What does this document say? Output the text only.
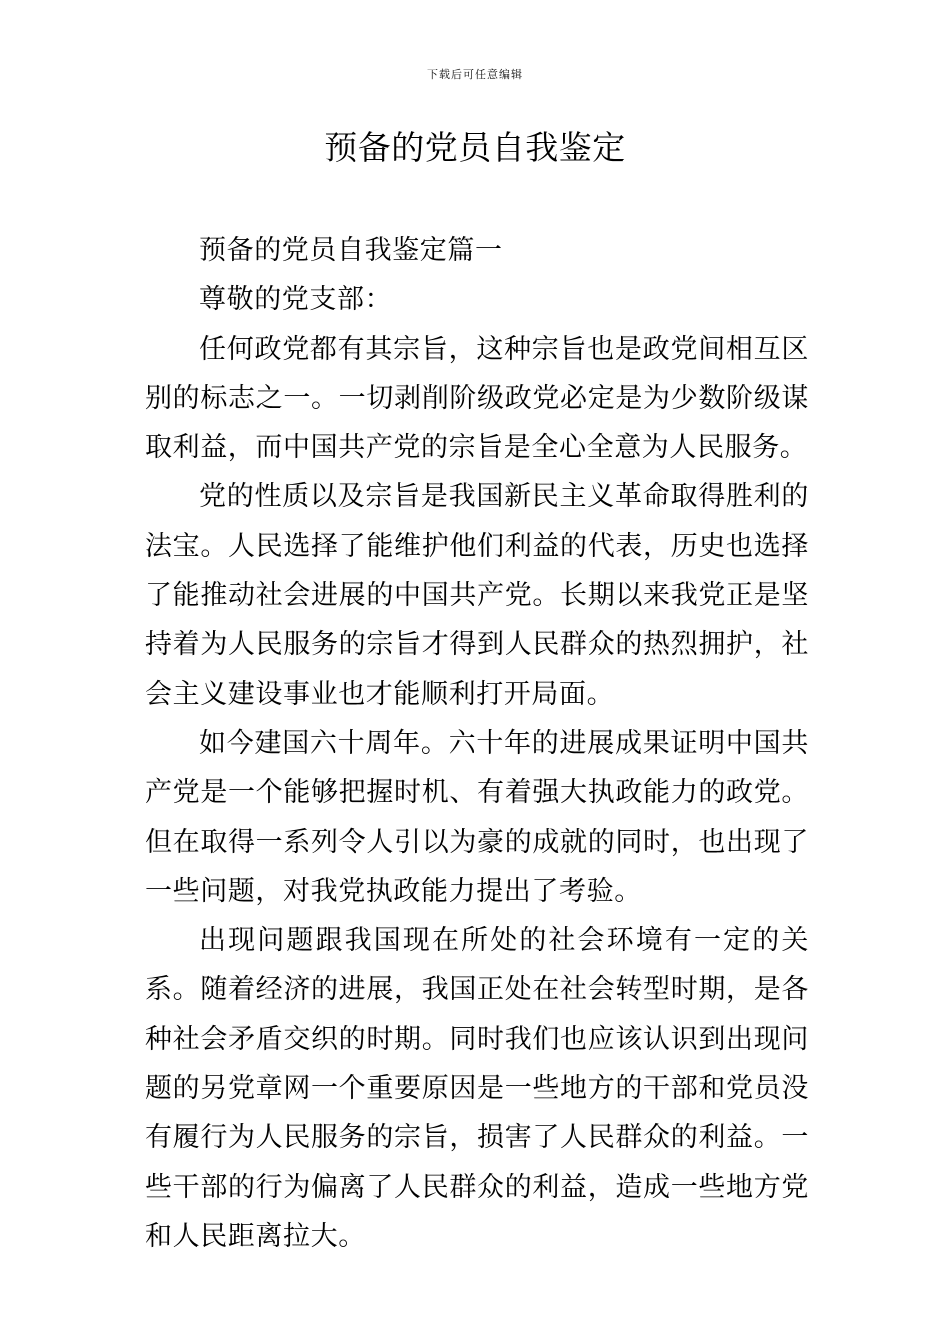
下载后可任意编辑
预备的党员自我鉴定

预备的党员自我鉴定篇一

尊敬的党支部：

任何政党都有其宗旨，这种宗旨也是政党间相互区别的标志之一。一切剥削阶级政党必定是为少数阶级谋取利益，而中国共产党的宗旨是全心全意为人民服务。

党的性质以及宗旨是我国新民主义革命取得胜利的法宝。人民选择了能维护他们利益的代表，历史也选择了能推动社会进展的中国共产党。长期以来我党正是坚持着为人民服务的宗旨才得到人民群众的热烈拥护，社会主义建设事业也才能顺利打开局面。

如今建国六十周年。六十年的进展成果证明中国共产党是一个能够把握时机、有着强大执政能力的政党。但在取得一系列令人引以为豪的成就的同时，也出现了一些问题，对我党执政能力提出了考验。

出现问题跟我国现在所处的社会环境有一定的关系。随着经济的进展，我国正处在社会转型时期，是各种社会矛盾交织的时期。同时我们也应该认识到出现问题的另党章网一个重要原因是一些地方的干部和党员没有履行为人民服务的宗旨，损害了人民群众的利益。一些干部的行为偏离了人民群众的利益，造成一些地方党和人民距离拉大。
